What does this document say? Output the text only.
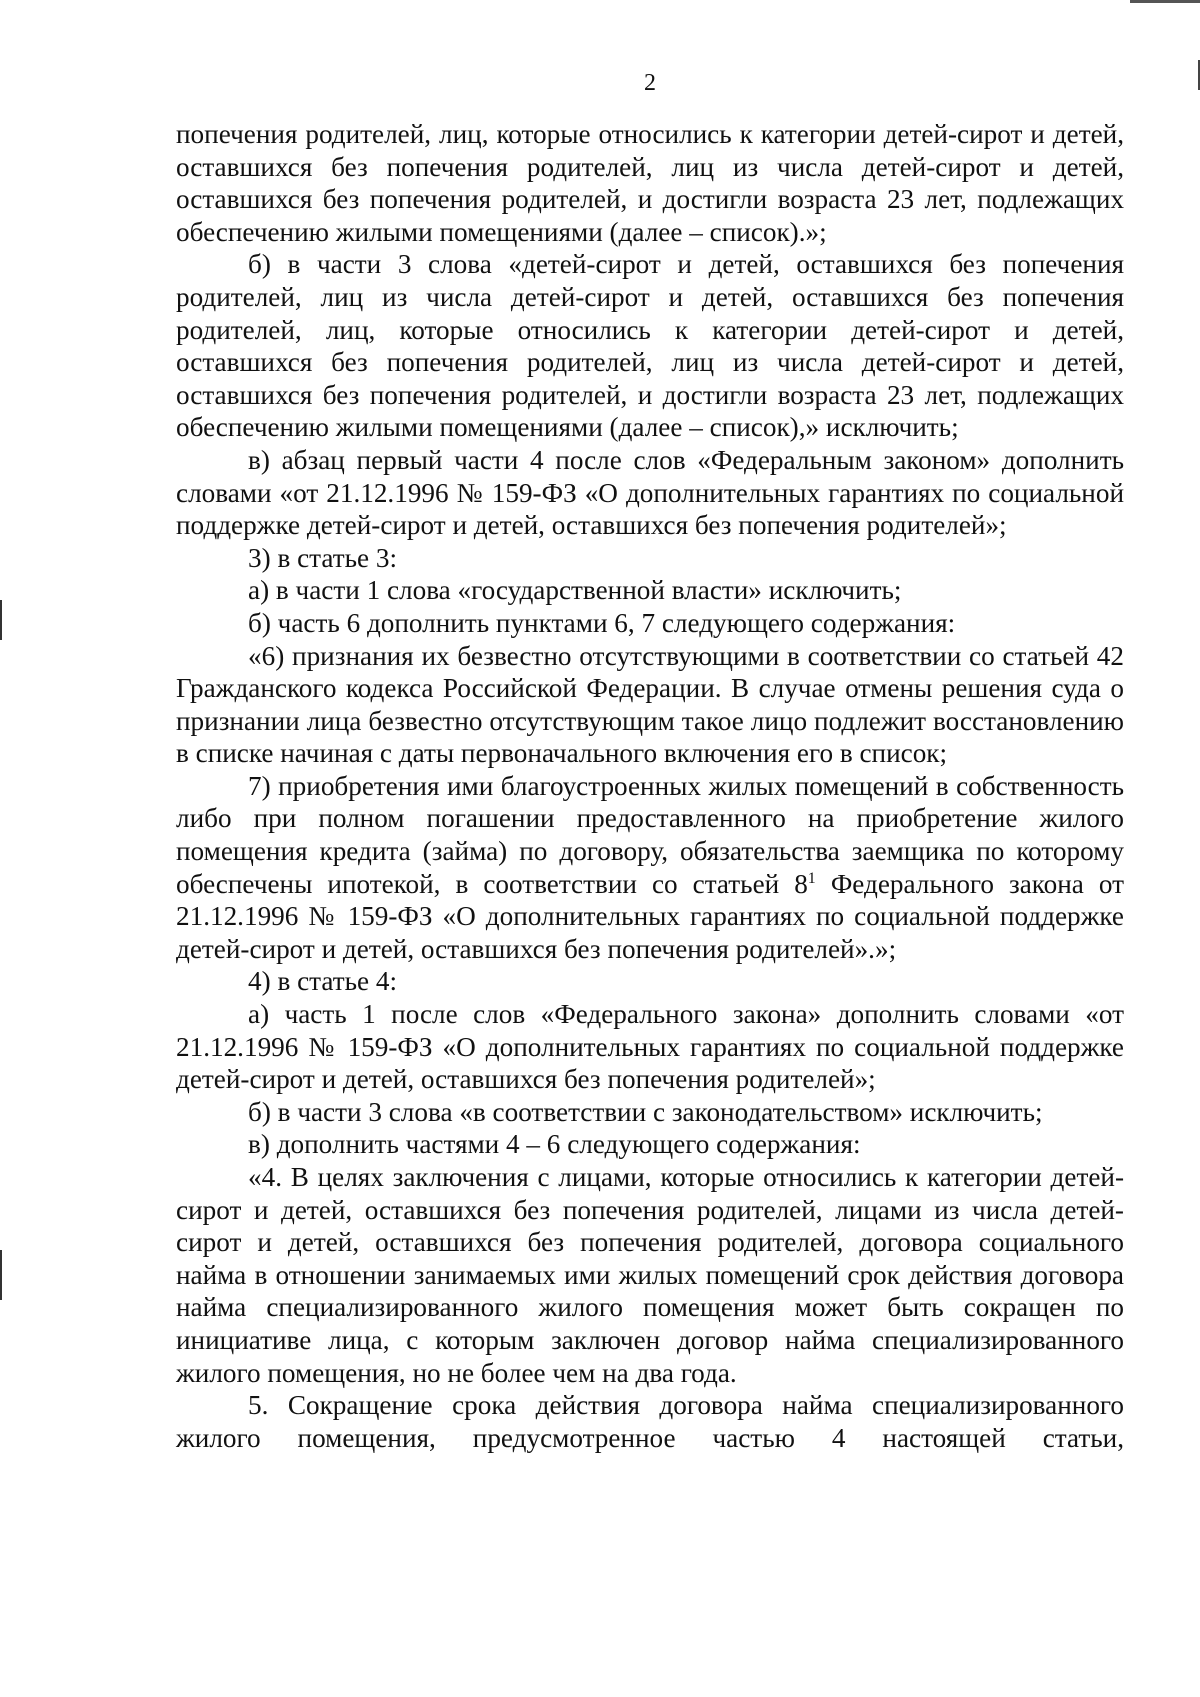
2

попечения родителей, лиц, которые относились к категории детей-сирот и детей, оставшихся без попечения родителей, лиц из числа детей-сирот и детей, оставшихся без попечения родителей, и достигли возраста 23 лет, подлежащих обеспечению жилыми помещениями (далее – список).»;

б) в части 3 слова «детей-сирот и детей, оставшихся без попечения родителей, лиц из числа детей-сирот и детей, оставшихся без попечения родителей, лиц, которые относились к категории детей-сирот и детей, оставшихся без попечения родителей, лиц из числа детей-сирот и детей, оставшихся без попечения родителей, и достигли возраста 23 лет, подлежащих обеспечению жилыми помещениями (далее – список),» исключить;

в) абзац первый части 4 после слов «Федеральным законом» дополнить словами «от 21.12.1996 № 159-ФЗ «О дополнительных гарантиях по социальной поддержке детей-сирот и детей, оставшихся без попечения родителей»;

3) в статье 3:

а) в части 1 слова «государственной власти» исключить;

б) часть 6 дополнить пунктами 6, 7 следующего содержания:

«6) признания их безвестно отсутствующими в соответствии со статьей 42 Гражданского кодекса Российской Федерации. В случае отмены решения суда о признании лица безвестно отсутствующим такое лицо подлежит восстановлению в списке начиная с даты первоначального включения его в список;

7) приобретения ими благоустроенных жилых помещений в собственность либо при полном погашении предоставленного на приобретение жилого помещения кредита (займа) по договору, обязательства заемщика по которому обеспечены ипотекой, в соответствии со статьей $8^1$ Федерального закона от 21.12.1996 № 159-ФЗ «О дополнительных гарантиях по социальной поддержке детей-сирот и детей, оставшихся без попечения родителей».»;

4) в статье 4:

а) часть 1 после слов «Федерального закона» дополнить словами «от 21.12.1996 № 159-ФЗ «О дополнительных гарантиях по социальной поддержке детей-сирот и детей, оставшихся без попечения родителей»;

б) в части 3 слова «в соответствии с законодательством» исключить;

в) дополнить частями 4 – 6 следующего содержания:

«4. В целях заключения с лицами, которые относились к категории детей-сирот и детей, оставшихся без попечения родителей, лицами из числа детей-сирот и детей, оставшихся без попечения родителей, договора социального найма в отношении занимаемых ими жилых помещений срок действия договора найма специализированного жилого помещения может быть сокращен по инициативе лица, с которым заключен договор найма специализированного жилого помещения, но не более чем на два года.

5. Сокращение срока действия договора найма специализированного жилого помещения, предусмотренное частью 4 настоящей статьи,
